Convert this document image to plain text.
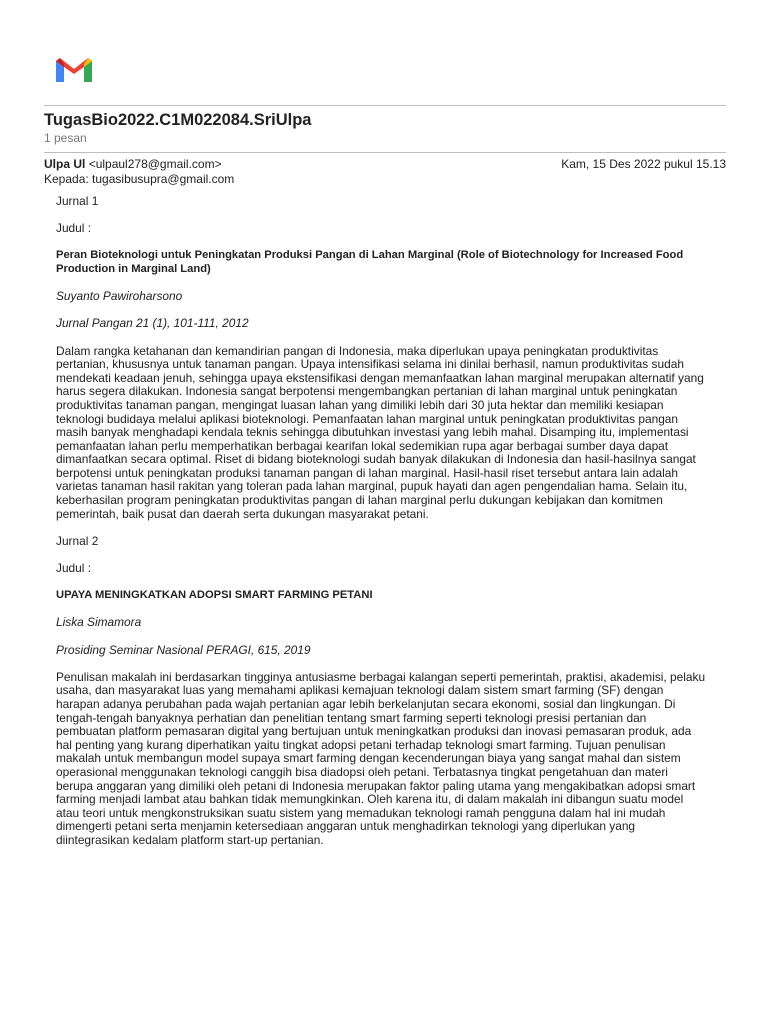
TugasBio2022.C1M022084.SriUlpa
1 pesan
Ulpa Ul <ulpaul278@gmail.com>	Kam, 15 Des 2022 pukul 15.13
Kepada: tugasibusupra@gmail.com

Jurnal 1

Judul :

Peran Bioteknologi untuk Peningkatan Produksi Pangan di Lahan Marginal (Role of Biotechnology for Increased Food Production in Marginal Land)

Suyanto Pawiroharsono

Jurnal Pangan 21 (1), 101-111, 2012

Dalam rangka ketahanan dan kemandirian pangan di Indonesia, maka diperlukan upaya peningkatan produktivitas pertanian, khususnya untuk tanaman pangan. Upaya intensifikasi selama ini dinilai berhasil, namun produktivitas sudah mendekati keadaan jenuh, sehingga upaya ekstensifikasi dengan memanfaatkan lahan marginal merupakan alternatif yang harus segera dilakukan. Indonesia sangat berpotensi mengembangkan pertanian di lahan marginal untuk peningkatan produktivitas tanaman pangan, mengingat luasan lahan yang dimiliki lebih dari 30 juta hektar dan memiliki kesiapan teknologi budidaya melalui aplikasi bioteknologi. Pemanfaatan lahan marginal untuk peningkatan produktivitas pangan masih banyak menghadapi kendala teknis sehingga dibutuhkan investasi yang lebih mahal. Disamping itu, implementasi pemanfaatan lahan perlu memperhatikan berbagai kearifan lokal sedemikian rupa agar berbagai sumber daya dapat dimanfaatkan secara optimal. Riset di bidang bioteknologi sudah banyak dilakukan di Indonesia dan hasil-hasilnya sangat berpotensi untuk peningkatan produksi tanaman pangan di lahan marginal. Hasil-hasil riset tersebut antara lain adalah varietas tanaman hasil rakitan yang toleran pada lahan marginal, pupuk hayati dan agen pengendalian hama. Selain itu, keberhasilan program peningkatan produktivitas pangan di lahan marginal perlu dukungan kebijakan dan komitmen pemerintah, baik pusat dan daerah serta dukungan masyarakat petani.

Jurnal 2

Judul :

UPAYA MENINGKATKAN ADOPSI SMART FARMING PETANI

Liska Simamora

Prosiding Seminar Nasional PERAGI, 615, 2019

Penulisan makalah ini berdasarkan tingginya antusiasme berbagai kalangan seperti pemerintah, praktisi, akademisi, pelaku usaha, dan masyarakat luas yang memahami aplikasi kemajuan teknologi dalam sistem smart farming (SF) dengan harapan adanya perubahan pada wajah pertanian agar lebih berkelanjutan secara ekonomi, sosial dan lingkungan. Di tengah-tengah banyaknya perhatian dan penelitian tentang smart farming seperti teknologi presisi pertanian dan pembuatan platform pemasaran digital yang bertujuan untuk meningkatkan produksi dan inovasi pemasaran produk, ada hal penting yang kurang diperhatikan yaitu tingkat adopsi petani terhadap teknologi smart farming. Tujuan penulisan makalah untuk membangun model supaya smart farming dengan kecenderungan biaya yang sangat mahal dan sistem operasional menggunakan teknologi canggih bisa diadopsi oleh petani. Terbatasnya tingkat pengetahuan dan materi berupa anggaran yang dimiliki oleh petani di Indonesia merupakan faktor paling utama yang mengakibatkan adopsi smart farming menjadi lambat atau bahkan tidak memungkinkan. Oleh karena itu, di dalam makalah ini dibangun suatu model atau teori untuk mengkonstruksikan suatu sistem yang memadukan teknologi ramah pengguna dalam hal ini mudah dimengerti petani serta menjamin ketersediaan anggaran untuk menghadirkan teknologi yang diperlukan yang diintegrasikan kedalam platform start-up pertanian.
